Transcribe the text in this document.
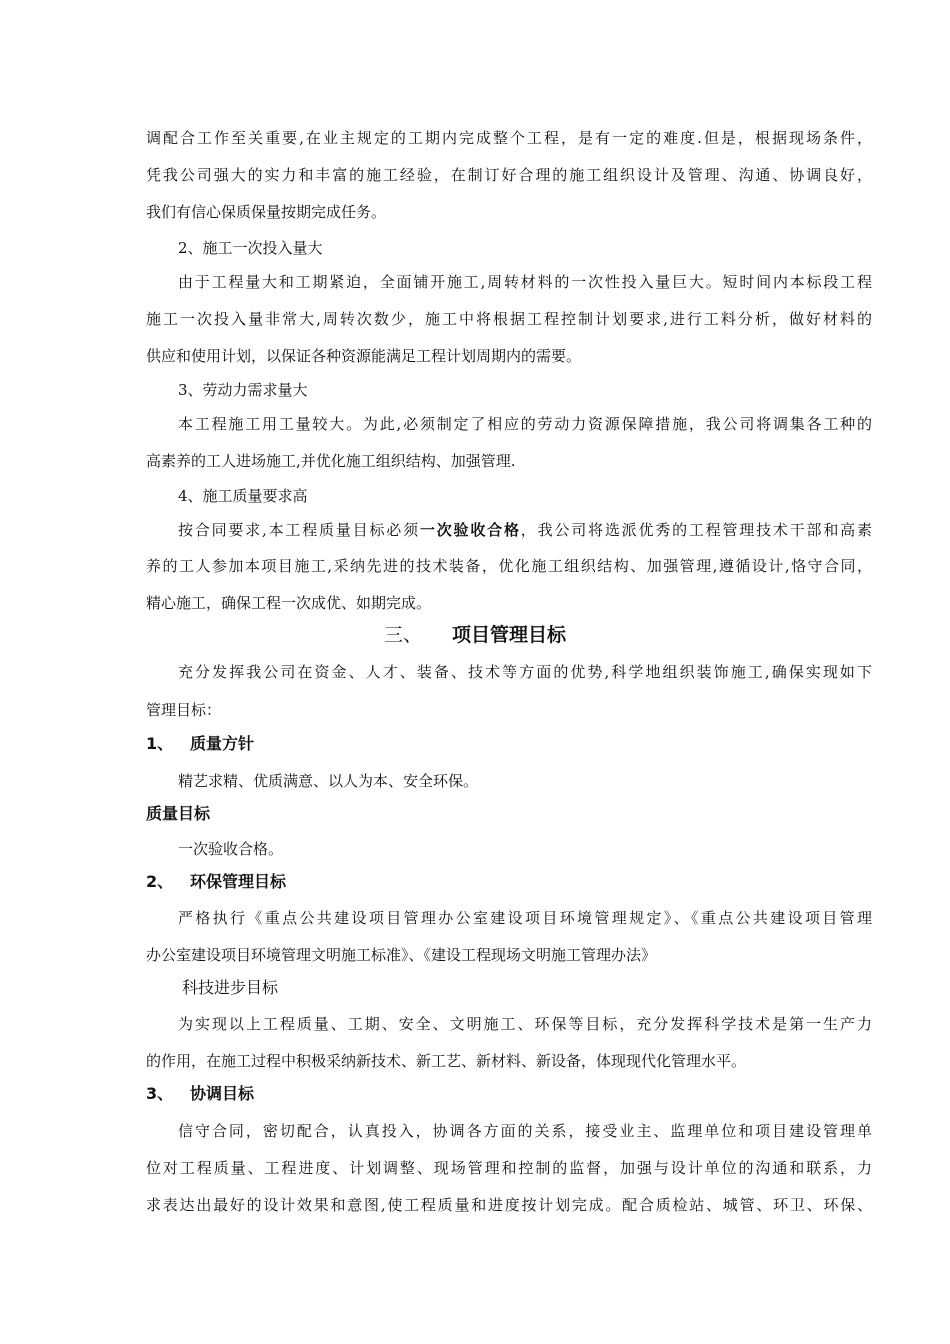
调配合工作至关重要,在业主规定的工期内完成整个工程，是有一定的难度.但是，根据现场条件，
凭我公司强大的实力和丰富的施工经验，在制订好合理的施工组织设计及管理、沟通、协调良好，
我们有信心保质保量按期完成任务。
2、施工一次投入量大
由于工程量大和工期紧迫，全面铺开施工,周转材料的一次性投入量巨大。短时间内本标段工程
施工一次投入量非常大,周转次数少，施工中将根据工程控制计划要求,进行工料分析，做好材料的
供应和使用计划，以保证各种资源能满足工程计划周期内的需要。
3、劳动力需求量大
本工程施工用工量较大。为此,必须制定了相应的劳动力资源保障措施，我公司将调集各工种的
高素养的工人进场施工,并优化施工组织结构、加强管理.
4、施工质量要求高
按合同要求,本工程质量目标必须一次验收合格，我公司将选派优秀的工程管理技术干部和高素
养的工人参加本项目施工,采纳先进的技术装备，优化施工组织结构、加强管理,遵循设计,恪守合同，
精心施工，确保工程一次成优、如期完成。
三、 项目管理目标
充分发挥我公司在资金、人才、装备、技术等方面的优势,科学地组织装饰施工,确保实现如下
管理目标：
1、 质量方针
精艺求精、优质满意、以人为本、安全环保。
质量目标
一次验收合格。
2、 环保管理目标
严格执行《重点公共建设项目管理办公室建设项目环境管理规定》、《重点公共建设项目管理
办公室建设项目环境管理文明施工标准》、《建设工程现场文明施工管理办法》
科技进步目标
为实现以上工程质量、工期、安全、文明施工、环保等目标，充分发挥科学技术是第一生产力
的作用，在施工过程中积极采纳新技术、新工艺、新材料、新设备，体现现代化管理水平。
3、 协调目标
信守合同，密切配合，认真投入，协调各方面的关系，接受业主、监理单位和项目建设管理单
位对工程质量、工程进度、计划调整、现场管理和控制的监督，加强与设计单位的沟通和联系，力
求表达出最好的设计效果和意图,使工程质量和进度按计划完成。配合质检站、城管、环卫、环保、
